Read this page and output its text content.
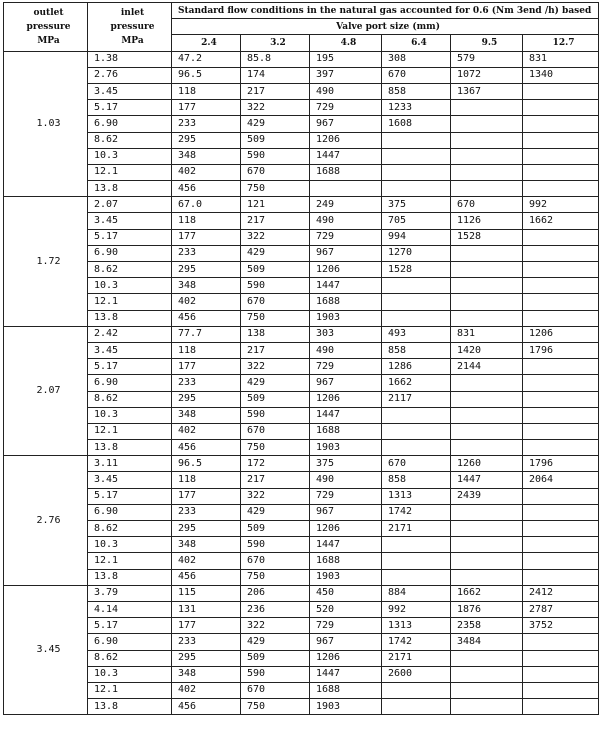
outlet
pressure
MPa	inlet
pressure
MPa	Standard flow conditions in the natural gas accounted for 0.6 (Nm 3end /h) based					
		Valve port size (mm)					
		2.4	3.2	4.8	6.4	9.5	12.7
1.03	1.38	47.2	85.8	195	308	579	831
	2.76	96.5	174	397	670	1072	1340
	3.45	118	217	490	858	1367	
	5.17	177	322	729	1233		
	6.90	233	429	967	1608		
	8.62	295	509	1206			
	10.3	348	590	1447			
	12.1	402	670	1688			
	13.8	456	750				
1.72	2.07	67.0	121	249	375	670	992
	3.45	118	217	490	705	1126	1662
	5.17	177	322	729	994	1528	
	6.90	233	429	967	1270		
	8.62	295	509	1206	1528		
	10.3	348	590	1447			
	12.1	402	670	1688			
	13.8	456	750	1903			
2.07	2.42	77.7	138	303	493	831	1206
	3.45	118	217	490	858	1420	1796
	5.17	177	322	729	1286	2144	
	6.90	233	429	967	1662		
	8.62	295	509	1206	2117		
	10.3	348	590	1447			
	12.1	402	670	1688			
	13.8	456	750	1903			
2.76	3.11	96.5	172	375	670	1260	1796
	3.45	118	217	490	858	1447	2064
	5.17	177	322	729	1313	2439	
	6.90	233	429	967	1742		
	8.62	295	509	1206	2171		
	10.3	348	590	1447			
	12.1	402	670	1688			
	13.8	456	750	1903			
3.45	3.79	115	206	450	884	1662	2412
	4.14	131	236	520	992	1876	2787
	5.17	177	322	729	1313	2358	3752
	6.90	233	429	967	1742	3484	
	8.62	295	509	1206	2171		
	10.3	348	590	1447	2600		
	12.1	402	670	1688			
	13.8	456	750	1903			
